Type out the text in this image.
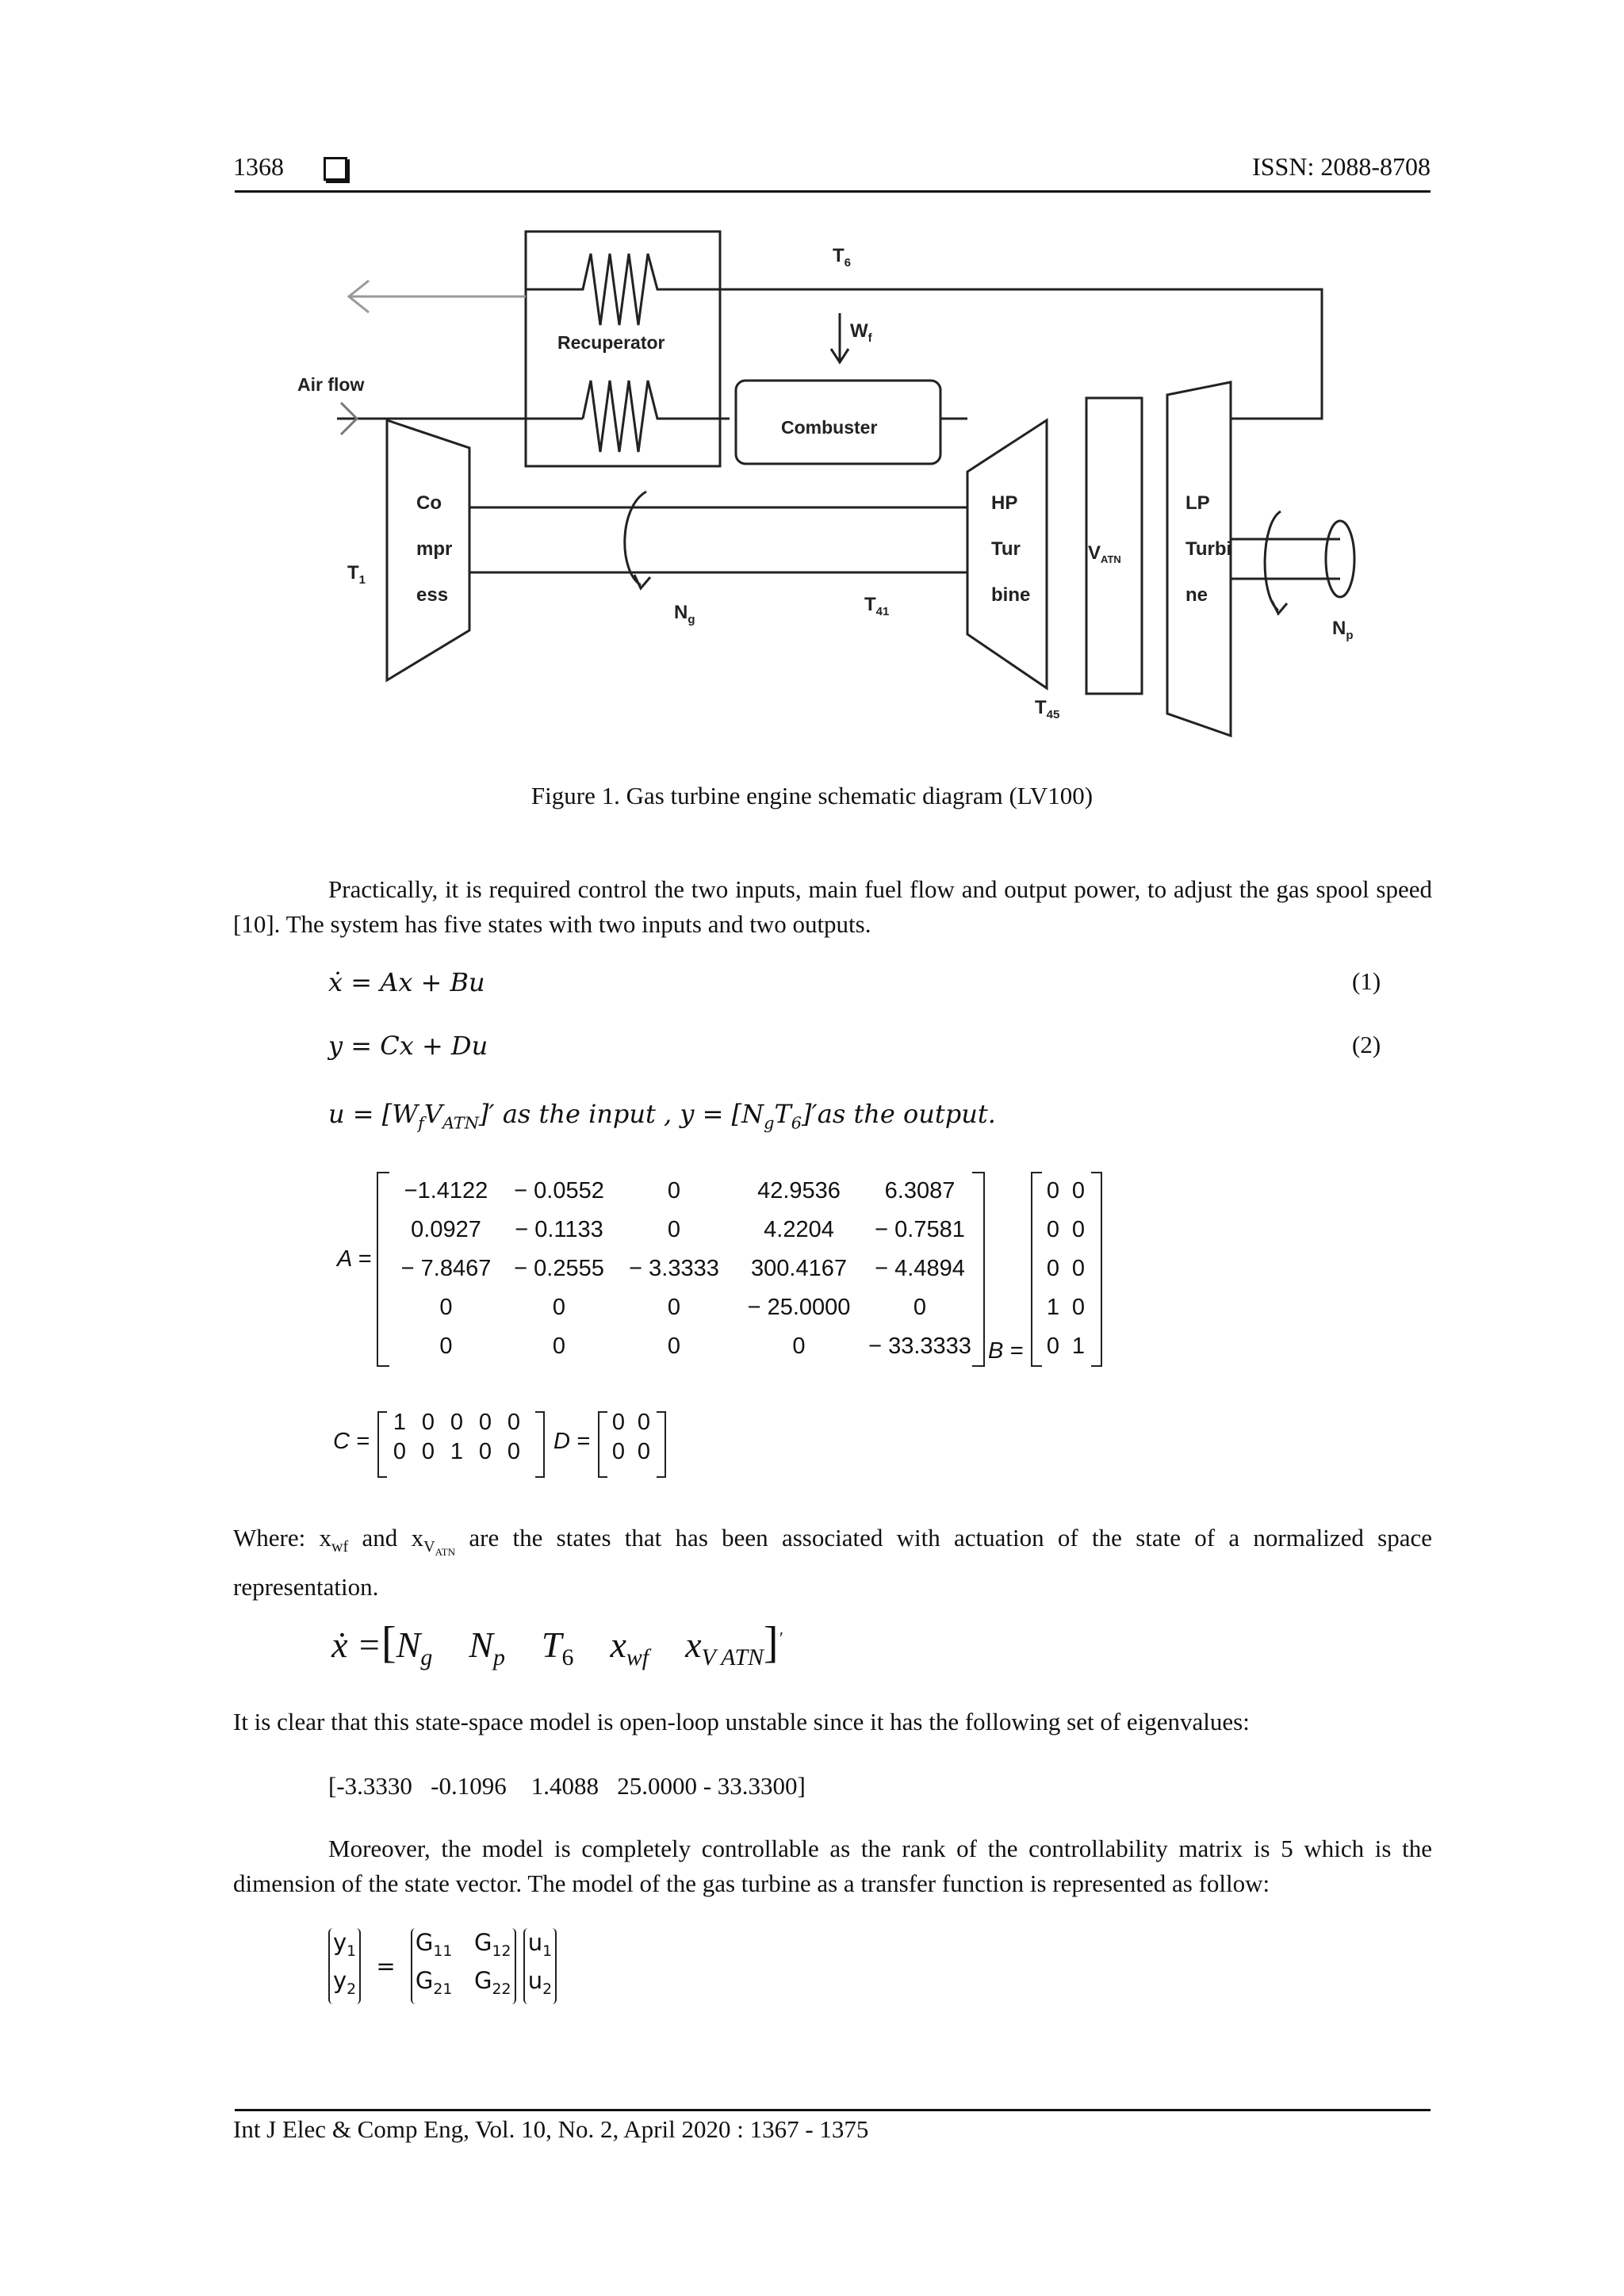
1368	ISSN: 2088-8708
$T_6$
$W_f$
Recuperator
Air flow
Combuster
Co
mpr
ess
$T_1$
$N_g$
$T_{41}$
HP
Tur
bine
$V_{ATN}$
LP
Turbi
ne
$N_p$
$T_{45}$
Figure 1. Gas turbine engine schematic diagram (LV100)
Practically, it is required control the two inputs, main fuel flow and output power, to adjust the gas spool speed [10]. The system has five states with two inputs and two outputs.
ẋ = Ax + Bu	(1)
y = Cx + Du	(2)
$u = [W_fV_{ATN}]'$ as the input , $y = [N_gT_6]'as$ the output.
A =
−1.4122	− 0.0552	0	42.9536	6.3087
0.0927	− 0.1133	0	4.2204	− 0.7581
− 7.8467	− 0.2555	− 3.3333	300.4167	− 4.4894
0	0	0	− 25.0000	0
0	0	0	0	− 33.3333 B =
0	0
0	0
0	0
1	0
0	1
C =
1	0	0	0	0
0	0	1	0	0 D =
0	0
0	0
Where: $x_{wf}$ and $x_{V_{ATN}}$ are the states that has been associated with actuation of the state of a normalized space representation.
ẋ $=[N_g$ $N_p$ $T_6$ $x_{wf}$ $x_{V ATN}]'$
It is clear that this state-space model is open-loop unstable since it has the following set of eigenvalues:
[-3.3330   -0.1096    1.4088   25.0000 - 33.3300]
Moreover, the model is completely controllable as the rank of the controllability matrix is 5 which is the dimension of the state vector. The model of the gas turbine as a transfer function is represented as follow:
$y_1$
$y_2$
=
$G_{11}$ $G_{12}$
$G_{21}$ $G_{22}$

$u_1$
$u_2$
Int J Elec & Comp Eng, Vol. 10, No. 2, April 2020 : 1367 - 1375
